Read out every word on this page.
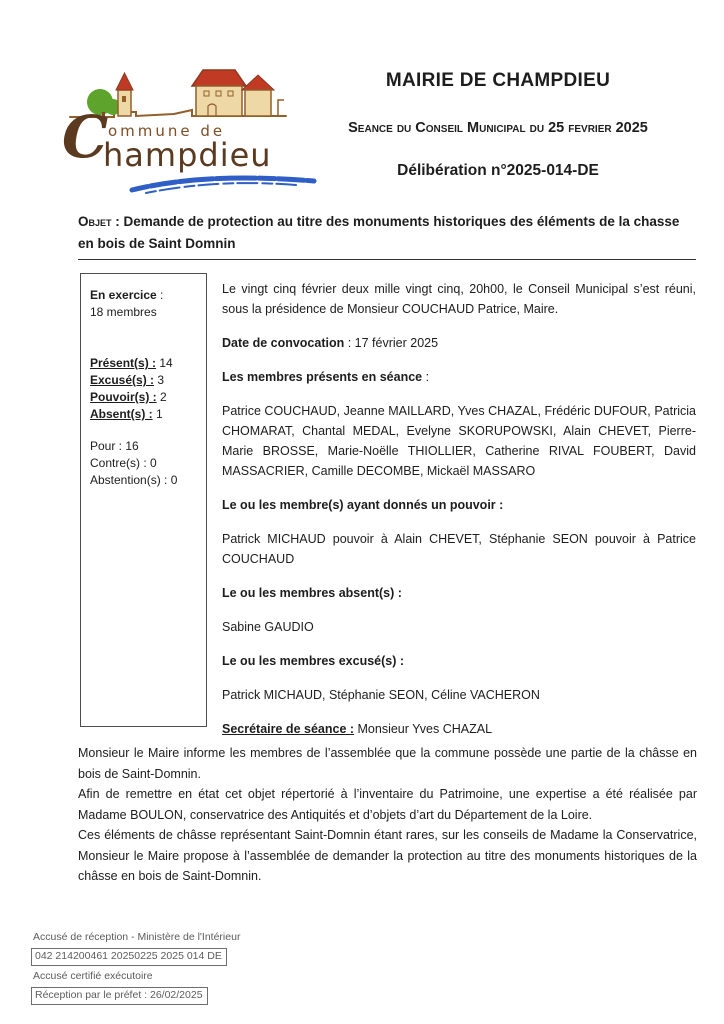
C ommune de
hampdieu
MAIRIE DE CHAMPDIEU
Seance du Conseil Municipal du 25 fevrier 2025
Délibération n°2025-014-DE
Objet : Demande de protection au titre des monuments historiques des éléments de la chasse en bois de Saint Domnin
En exercice :
18 membres
Présent(s) : 14
Excusé(s) : 3
Pouvoir(s) : 2
Absent(s) : 1
Pour : 16
Contre(s) : 0
Abstention(s) : 0

Le vingt cinq février deux mille vingt cinq, 20h00, le Conseil Municipal s’est réuni, sous la présidence de Monsieur COUCHAUD Patrice, Maire.

Date de convocation : 17 février 2025

Les membres présents en séance :

Patrice COUCHAUD, Jeanne MAILLARD, Yves CHAZAL, Frédéric DUFOUR, Patricia CHOMARAT, Chantal MEDAL, Evelyne SKORUPOWSKI, Alain CHEVET, Pierre-Marie BROSSE, Marie-Noëlle THIOLLIER, Catherine RIVAL FOUBERT, David MASSACRIER, Camille DECOMBE, Mickaël MASSARO

Le ou les membre(s) ayant donnés un pouvoir :

Patrick MICHAUD pouvoir à Alain CHEVET, Stéphanie SEON pouvoir à Patrice COUCHAUD

Le ou les membres absent(s) :

Sabine GAUDIO

Le ou les membres excusé(s) :

Patrick MICHAUD, Stéphanie SEON, Céline VACHERON

Secrétaire de séance : Monsieur Yves CHAZAL

Monsieur le Maire informe les membres de l’assemblée que la commune possède une partie de la châsse en bois de Saint-Domnin.

Afin de remettre en état cet objet répertorié à l’inventaire du Patrimoine, une expertise a été réalisée par Madame BOULON, conservatrice des Antiquités et d’objets d’art du Département de la Loire.

Ces éléments de châsse représentant Saint-Domnin étant rares, sur les conseils de Madame la Conservatrice, Monsieur le Maire propose à l’assemblée de demander la protection au titre des monuments historiques de la châsse en bois de Saint-Domnin.

Accusé de réception - Ministère de l'Intérieur
042 214200461 20250225 2025 014 DE
Accusé certifié exécutoire
Réception par le préfet : 26/02/2025
